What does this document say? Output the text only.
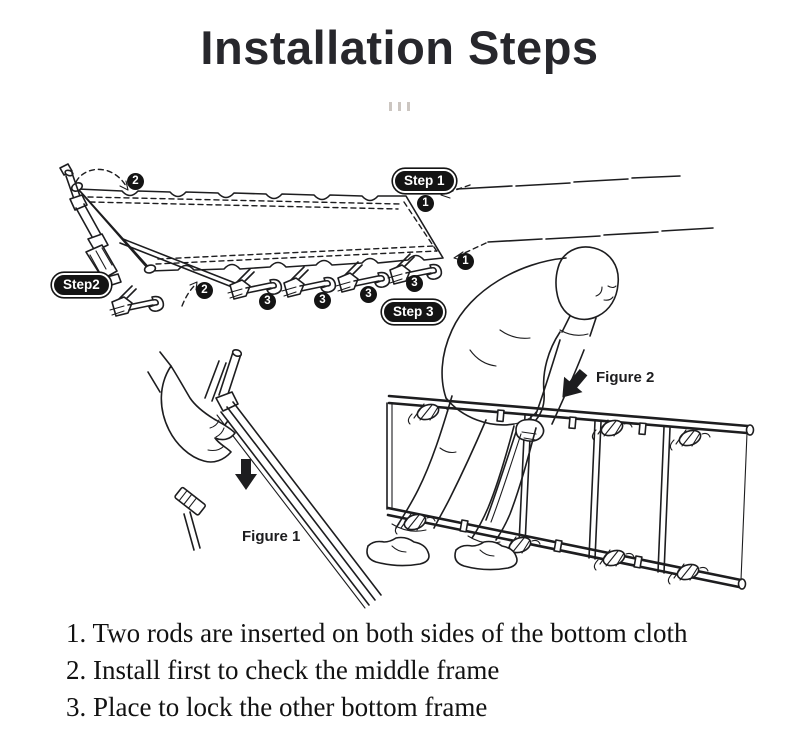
Installation Steps
Step 1
Step2
Step 3
2
1
1
2
3	3	3
3
Figure 1
Figure 2
1. Two rods are inserted on both sides of the bottom cloth
2. Install first to check the middle frame
3. Place to lock the other bottom frame
